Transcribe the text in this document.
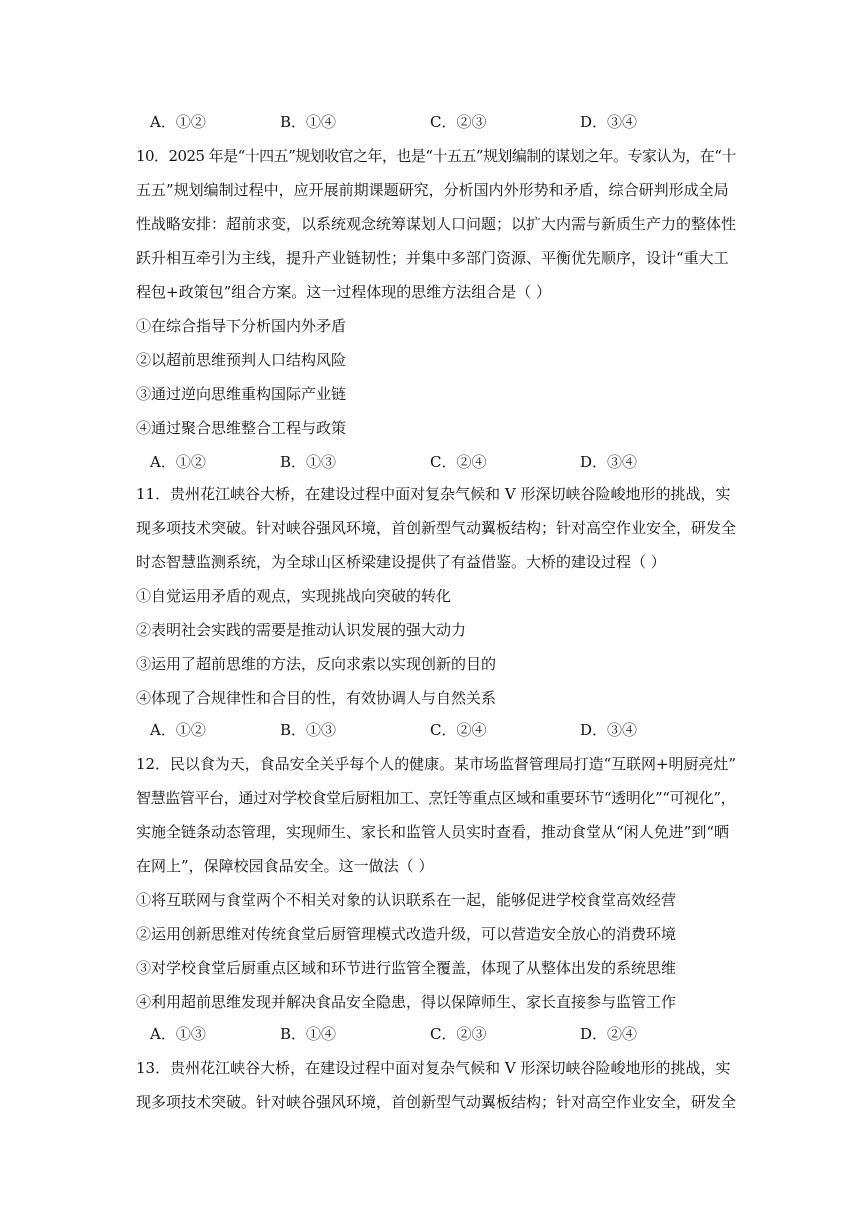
A．①②	B．①④	C．②③	D．③④
10．2025 年是“十四五”规划收官之年，也是“十五五”规划编制的谋划之年。专家认为，在“十
五五”规划编制过程中，应开展前期课题研究，分析国内外形势和矛盾，综合研判形成全局
性战略安排：超前求变，以系统观念统筹谋划人口问题；以扩大内需与新质生产力的整体性
跃升相互牵引为主线，提升产业链韧性；并集中多部门资源、平衡优先顺序，设计“重大工
程包+政策包”组合方案。这一过程体现的思维方法组合是（ ）
①在综合指导下分析国内外矛盾
②以超前思维预判人口结构风险
③通过逆向思维重构国际产业链
④通过聚合思维整合工程与政策
A．①②	B．①③	C．②④	D．③④
11．贵州花江峡谷大桥，在建设过程中面对复杂气候和 V 形深切峡谷险峻地形的挑战，实
现多项技术突破。针对峡谷强风环境，首创新型气动翼板结构；针对高空作业安全，研发全
时态智慧监测系统，为全球山区桥梁建设提供了有益借鉴。大桥的建设过程（ ）
①自觉运用矛盾的观点，实现挑战向突破的转化
②表明社会实践的需要是推动认识发展的强大动力
③运用了超前思维的方法，反向求索以实现创新的目的
④体现了合规律性和合目的性，有效协调人与自然关系
A．①②	B．①③	C．②④	D．③④
12．民以食为天，食品安全关乎每个人的健康。某市场监督管理局打造“互联网+明厨亮灶”
智慧监管平台，通过对学校食堂后厨粗加工、烹饪等重点区域和重要环节“透明化”“可视化”，
实施全链条动态管理，实现师生、家长和监管人员实时查看，推动食堂从“闲人免进”到“晒
在网上”，保障校园食品安全。这一做法（ ）
①将互联网与食堂两个不相关对象的认识联系在一起，能够促进学校食堂高效经营
②运用创新思维对传统食堂后厨管理模式改造升级，可以营造安全放心的消费环境
③对学校食堂后厨重点区域和环节进行监管全覆盖，体现了从整体出发的系统思维
④利用超前思维发现并解决食品安全隐患，得以保障师生、家长直接参与监管工作
A．①③	B．①④	C．②③	D．②④
13．贵州花江峡谷大桥，在建设过程中面对复杂气候和 V 形深切峡谷险峻地形的挑战，实
现多项技术突破。针对峡谷强风环境，首创新型气动翼板结构；针对高空作业安全，研发全
